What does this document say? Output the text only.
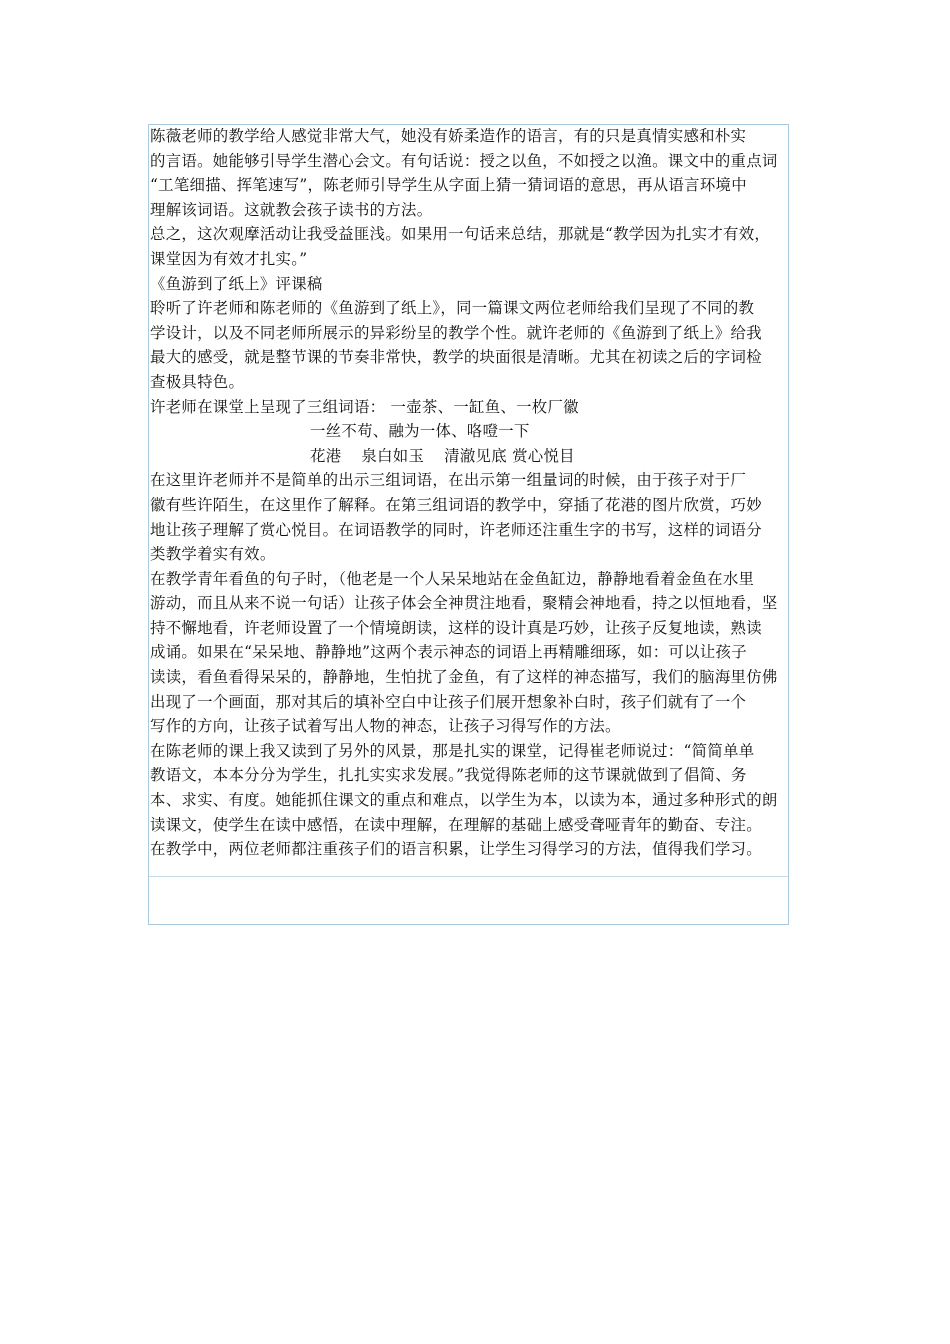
陈薇老师的教学给人感觉非常大气，她没有娇柔造作的语言，有的只是真情实感和朴实
的言语。她能够引导学生潜心会文。有句话说：授之以鱼，不如授之以渔。课文中的重点词
“工笔细描、挥笔速写”，陈老师引导学生从字面上猜一猜词语的意思，再从语言环境中
理解该词语。这就教会孩子读书的方法。
总之，这次观摩活动让我受益匪浅。如果用一句话来总结，那就是“教学因为扎实才有效，
课堂因为有效才扎实。”
《鱼游到了纸上》评课稿
聆听了许老师和陈老师的《鱼游到了纸上》，同一篇课文两位老师给我们呈现了不同的教
学设计，以及不同老师所展示的异彩纷呈的教学个性。就许老师的《鱼游到了纸上》给我
最大的感受，就是整节课的节奏非常快，教学的块面很是清晰。尤其在初读之后的字词检
查极具特色。
许老师在课堂上呈现了三组词语： 一壶茶、一缸鱼、一枚厂徽
一丝不苟、融为一体、咯噔一下
花港 泉白如玉 清澈见底 赏心悦目
在这里许老师并不是简单的出示三组词语，在出示第一组量词的时候，由于孩子对于厂
徽有些许陌生，在这里作了解释。在第三组词语的教学中，穿插了花港的图片欣赏，巧妙
地让孩子理解了赏心悦目。在词语教学的同时，许老师还注重生字的书写，这样的词语分
类教学着实有效。
在教学青年看鱼的句子时，（他老是一个人呆呆地站在金鱼缸边，静静地看着金鱼在水里
游动，而且从来不说一句话）让孩子体会全神贯注地看，聚精会神地看，持之以恒地看，坚
持不懈地看，许老师设置了一个情境朗读，这样的设计真是巧妙，让孩子反复地读，熟读
成诵。如果在“呆呆地、静静地”这两个表示神态的词语上再精雕细琢，如：可以让孩子
读读，看鱼看得呆呆的，静静地，生怕扰了金鱼，有了这样的神态描写，我们的脑海里仿佛
出现了一个画面，那对其后的填补空白中让孩子们展开想象补白时，孩子们就有了一个
写作的方向，让孩子试着写出人物的神态，让孩子习得写作的方法。
在陈老师的课上我又读到了另外的风景，那是扎实的课堂，记得崔老师说过：“简简单单
教语文，本本分分为学生，扎扎实实求发展。”我觉得陈老师的这节课就做到了倡简、务
本、求实、有度。她能抓住课文的重点和难点，以学生为本，以读为本，通过多种形式的朗
读课文，使学生在读中感悟，在读中理解，在理解的基础上感受聋哑青年的勤奋、专注。
在教学中，两位老师都注重孩子们的语言积累，让学生习得学习的方法，值得我们学习。
